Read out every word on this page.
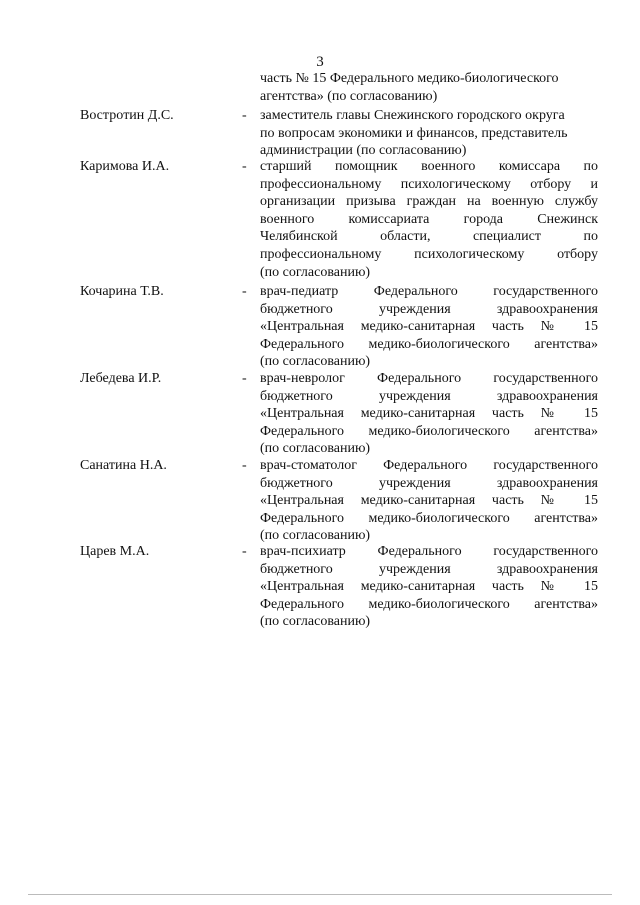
3
часть № 15 Федерального медико-биологического
агентства» (по согласованию)
Вострoтин Д.С.	- заместитель главы Снежинского городского округа
по вопросам экономики и финансов, представитель
администрации (по согласованию)
Каримова И.А.	- старший помощник военного комиссара по
профессиональному психологическому отбору и
организации призыва граждан на военную службу
военного комиссариата города Снежинск
Челябинской области, специалист по
профессиональному психологическому отбору
(по согласованию)
Кочарина Т.В.	- врач-педиатр Федерального государственного
бюджетного учреждения здравоохранения
«Центральная медико-санитарная часть № 15
Федерального медико-биологического агентства»
(по согласованию)
Лебедева И.Р.	- врач-невролог Федерального государственного
бюджетного учреждения здравоохранения
«Центральная медико-санитарная часть № 15
Федерального медико-биологического агентства»
(по согласованию)
Санатина Н.А.	- врач-стоматолог Федерального государственного
бюджетного учреждения здравоохранения
«Центральная медико-санитарная часть № 15
Федерального медико-биологического агентства»
(по согласованию)
Царев М.А.	- врач-психиатр Федерального государственного
бюджетного учреждения здравоохранения
«Центральная медико-санитарная часть № 15
Федерального медико-биологического агентства»
(по согласованию)
